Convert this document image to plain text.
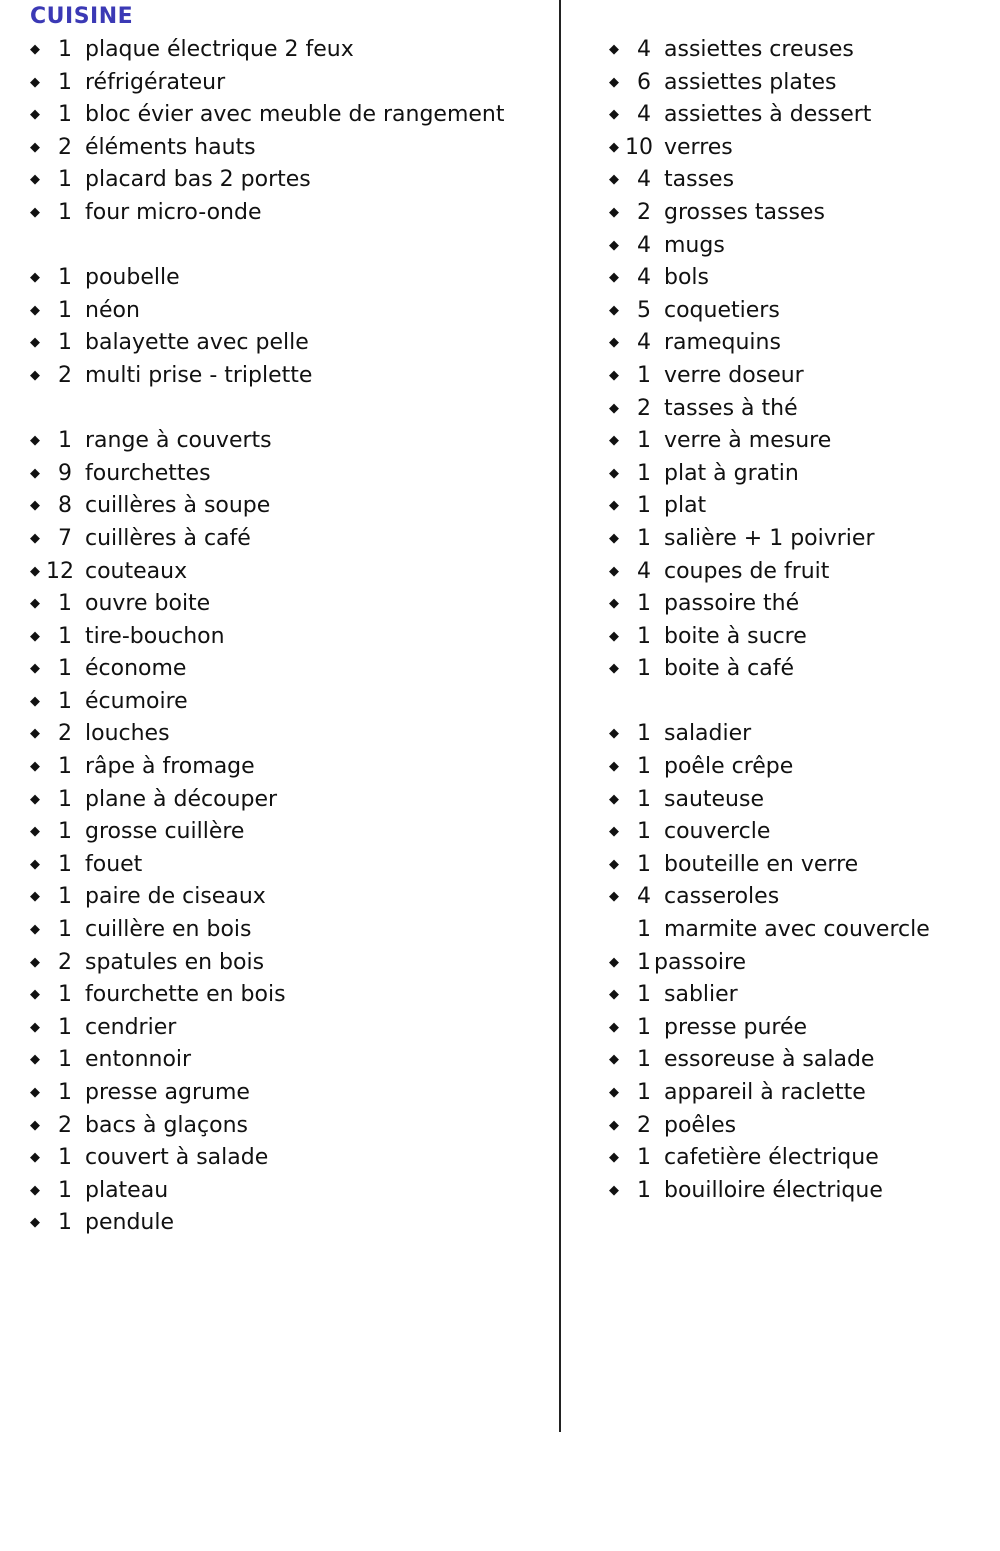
CUISINE
◆ 1 plaque électrique 2 feux
◆ 1 réfrigérateur
◆ 1 bloc évier avec meuble de rangement
◆ 2 éléments hauts
◆ 1 placard bas 2 portes
◆ 1 four micro-onde
◆ 1 poubelle
◆ 1 néon
◆ 1 balayette avec pelle
◆ 2 multi prise - triplette
◆ 1 range à couverts
◆ 9 fourchettes
◆ 8 cuillères à soupe
◆ 7 cuillères à café
◆ 12 couteaux
◆ 1 ouvre boite
◆ 1 tire-bouchon
◆ 1 économe
◆ 1 écumoire
◆ 2 louches
◆ 1 râpe à fromage
◆ 1 plane à découper
◆ 1 grosse cuillère
◆ 1 fouet
◆ 1 paire de ciseaux
◆ 1 cuillère en bois
◆ 2 spatules en bois
◆ 1 fourchette en bois
◆ 1 cendrier
◆ 1 entonnoir
◆ 1 presse agrume
◆ 2 bacs à glaçons
◆ 1 couvert à salade
◆ 1 plateau
◆ 1 pendule
◆ 4 assiettes creuses
◆ 6 assiettes plates
◆ 4 assiettes à dessert
◆ 10 verres
◆ 4 tasses
◆ 2 grosses tasses
◆ 4 mugs
◆ 4 bols
◆ 5 coquetiers
◆ 4 ramequins
◆ 1 verre doseur
◆ 2 tasses à thé
◆ 1 verre à mesure
◆ 1 plat à gratin
◆ 1 plat
◆ 1 salière + 1 poivrier
◆ 4 coupes de fruit
◆ 1 passoire thé
◆ 1 boite à sucre
◆ 1 boite à café
◆ 1 saladier
◆ 1 poêle crêpe
◆ 1 sauteuse
◆ 1 couvercle
◆ 1 bouteille en verre
◆ 4 casseroles
1 marmite avec couvercle
◆ 1 passoire
◆ 1 sablier
◆ 1 presse purée
◆ 1 essoreuse à salade
◆ 1 appareil à raclette
◆ 2 poêles
◆ 1 cafetière électrique
◆ 1 bouilloire électrique
